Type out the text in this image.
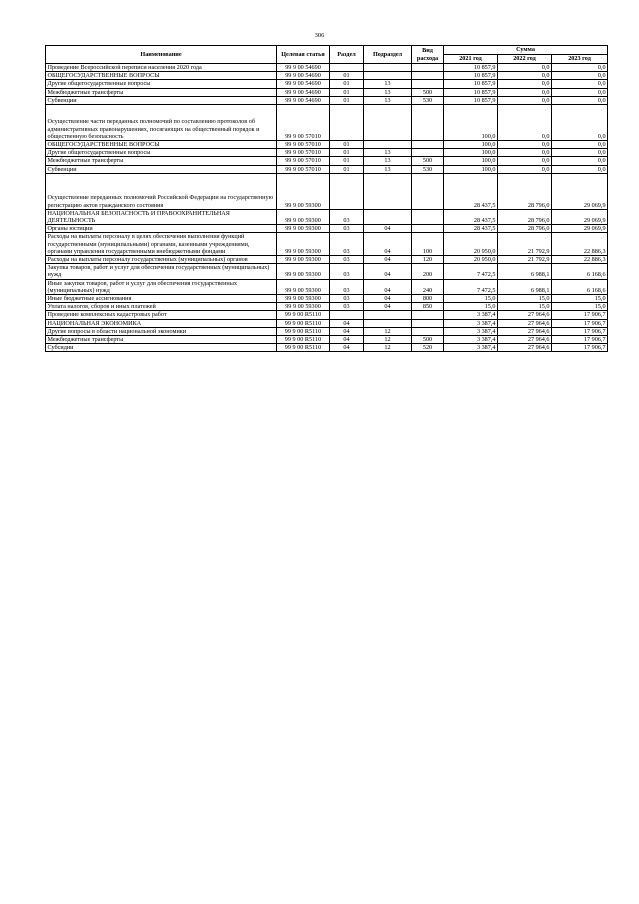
306
Наименование	Целевая статья	Раздел	Подраздел	Вид расхода	Сумма		
					2021 год	2022 год	2023 год
Проведение Всероссийской переписи населения 2020 года	99 9 00 54690				10 857,9	0,0	0,0
ОБЩЕГОСУДАРСТВЕННЫЕ ВОПРОСЫ	99 9 00 54690	01			10 857,9	0,0	0,0
Другие общегосударственные вопросы	99 9 00 54690	01	13		10 857,9	0,0	0,0
Межбюджетные трансферты	99 9 00 54690	01	13	500	10 857,9	0,0	0,0
Субвенции	99 9 00 54690	01	13	530	10 857,9	0,0	0,0
Осуществление части переданных полномочий по составлению протоколов об административных правонарушениях, посягающих на общественный порядок и общественную безопасность	99 9 00 57010				100,0	0,0	0,0
ОБЩЕГОСУДАРСТВЕННЫЕ ВОПРОСЫ	99 9 00 57010	01			100,0	0,0	0,0
Другие общегосударственные вопросы	99 9 00 57010	01	13		100,0	0,0	0,0
Межбюджетные трансферты	99 9 00 57010	01	13	500	100,0	0,0	0,0
Субвенции	99 9 00 57010	01	13	530	100,0	0,0	0,0
Осуществление переданных полномочий Российской Федерации на государственную регистрацию актов гражданского состояния	99 9 00 59300				28 437,5	28 796,0	29 069,9
НАЦИОНАЛЬНАЯ БЕЗОПАСНОСТЬ И ПРАВООХРАНИТЕЛЬНАЯ ДЕЯТЕЛЬНОСТЬ	99 9 00 59300	03			28 437,5	28 796,0	29 069,9
Органы юстиции	99 9 00 59300	03	04		28 437,5	28 796,0	29 069,9
Расходы на выплаты персоналу в целях обеспечения выполнения функций государственными (муниципальными) органами, казенными учреждениями, органами управления государственными внебюджетными фондами	99 9 00 59300	03	04	100	20 950,0	21 792,9	22 886,3
Расходы на выплаты персоналу государственных (муниципальных) органов	99 9 00 59300	03	04	120	20 950,0	21 792,9	22 886,3
Закупка товаров, работ и услуг для обеспечения государственных (муниципальных) нужд	99 9 00 59300	03	04	200	7 472,5	6 988,1	6 168,6
Иные закупки товаров, работ и услуг для обеспечения государственных (муниципальных) нужд	99 9 00 59300	03	04	240	7 472,5	6 988,1	6 168,6
Иные бюджетные ассигнования	99 9 00 59300	03	04	800	15,0	15,0	15,0
Уплата налогов, сборов и иных платежей	99 9 00 59300	03	04	850	15,0	15,0	15,0
Проведение комплексных кадастровых работ	99 9 00 R5110				3 387,4	27 964,6	17 906,7
НАЦИОНАЛЬНАЯ ЭКОНОМИКА	99 9 00 R5110	04			3 387,4	27 964,6	17 906,7
Другие вопросы в области национальной экономики	99 9 00 R5110	04	12		3 387,4	27 964,6	17 906,7
Межбюджетные трансферты	99 9 00 R5110	04	12	500	3 387,4	27 964,6	17 906,7
Субсидии	99 9 00 R5110	04	12	520	3 387,4	27 964,6	17 906,7
